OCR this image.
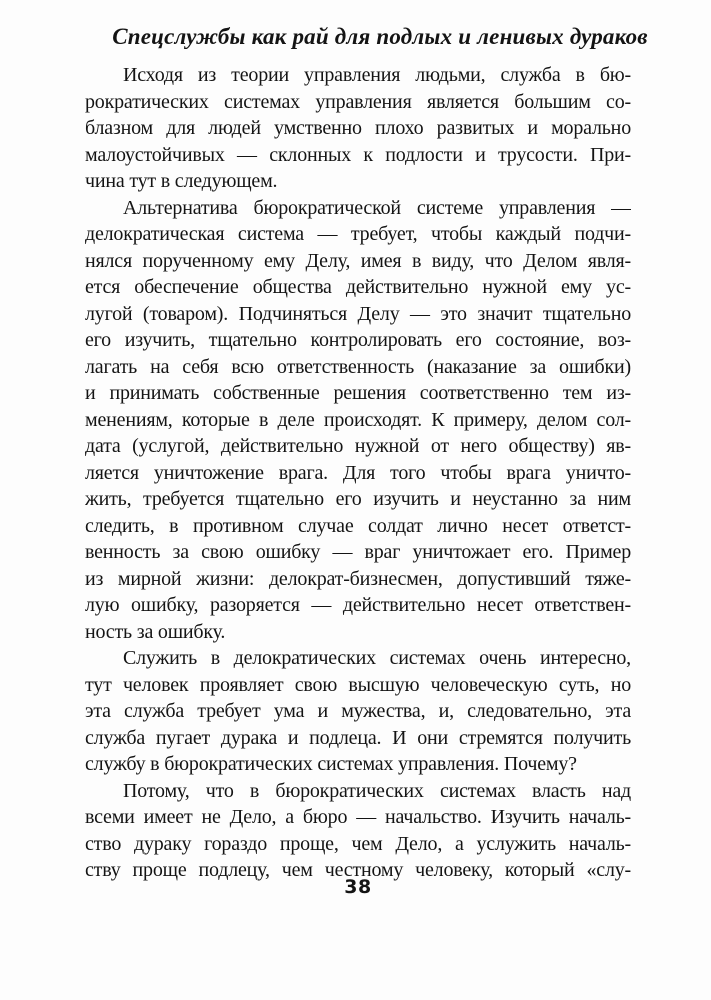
Спецслужбы как рай для подлых и ленивых дураков
Исходя из теории управления людьми, служба в бю-
рократических системах управления является большим со-
блазном для людей умственно плохо развитых и морально
малоустойчивых — склонных к подлости и трусости. При-
чина тут в следующем.
Альтернатива бюрократической системе управления —
делократическая система — требует, чтобы каждый подчи-
нялся порученному ему Делу, имея в виду, что Делом явля-
ется обеспечение общества действительно нужной ему ус-
лугой (товаром). Подчиняться Делу — это значит тщательно
его изучить, тщательно контролировать его состояние, воз-
лагать на себя всю ответственность (наказание за ошибки)
и принимать собственные решения соответственно тем из-
менениям, которые в деле происходят. К примеру, делом сол-
дата (услугой, действительно нужной от него обществу) яв-
ляется уничтожение врага. Для того чтобы врага уничто-
жить, требуется тщательно его изучить и неустанно за ним
следить, в противном случае солдат лично несет ответст-
венность за свою ошибку — враг уничтожает его. Пример
из мирной жизни: делократ-бизнесмен, допустивший тяже-
лую ошибку, разоряется — действительно несет ответствен-
ность за ошибку.
Служить в делократических системах очень интересно,
тут человек проявляет свою высшую человеческую суть, но
эта служба требует ума и мужества, и, следовательно, эта
служба пугает дурака и подлеца. И они стремятся получить
службу в бюрократических системах управления. Почему?
Потому, что в бюрократических системах власть над
всеми имеет не Дело, а бюро — начальство. Изучить началь-
ство дураку гораздо проще, чем Дело, а услужить началь-
ству проще подлецу, чем честному человеку, который «слу-
38
